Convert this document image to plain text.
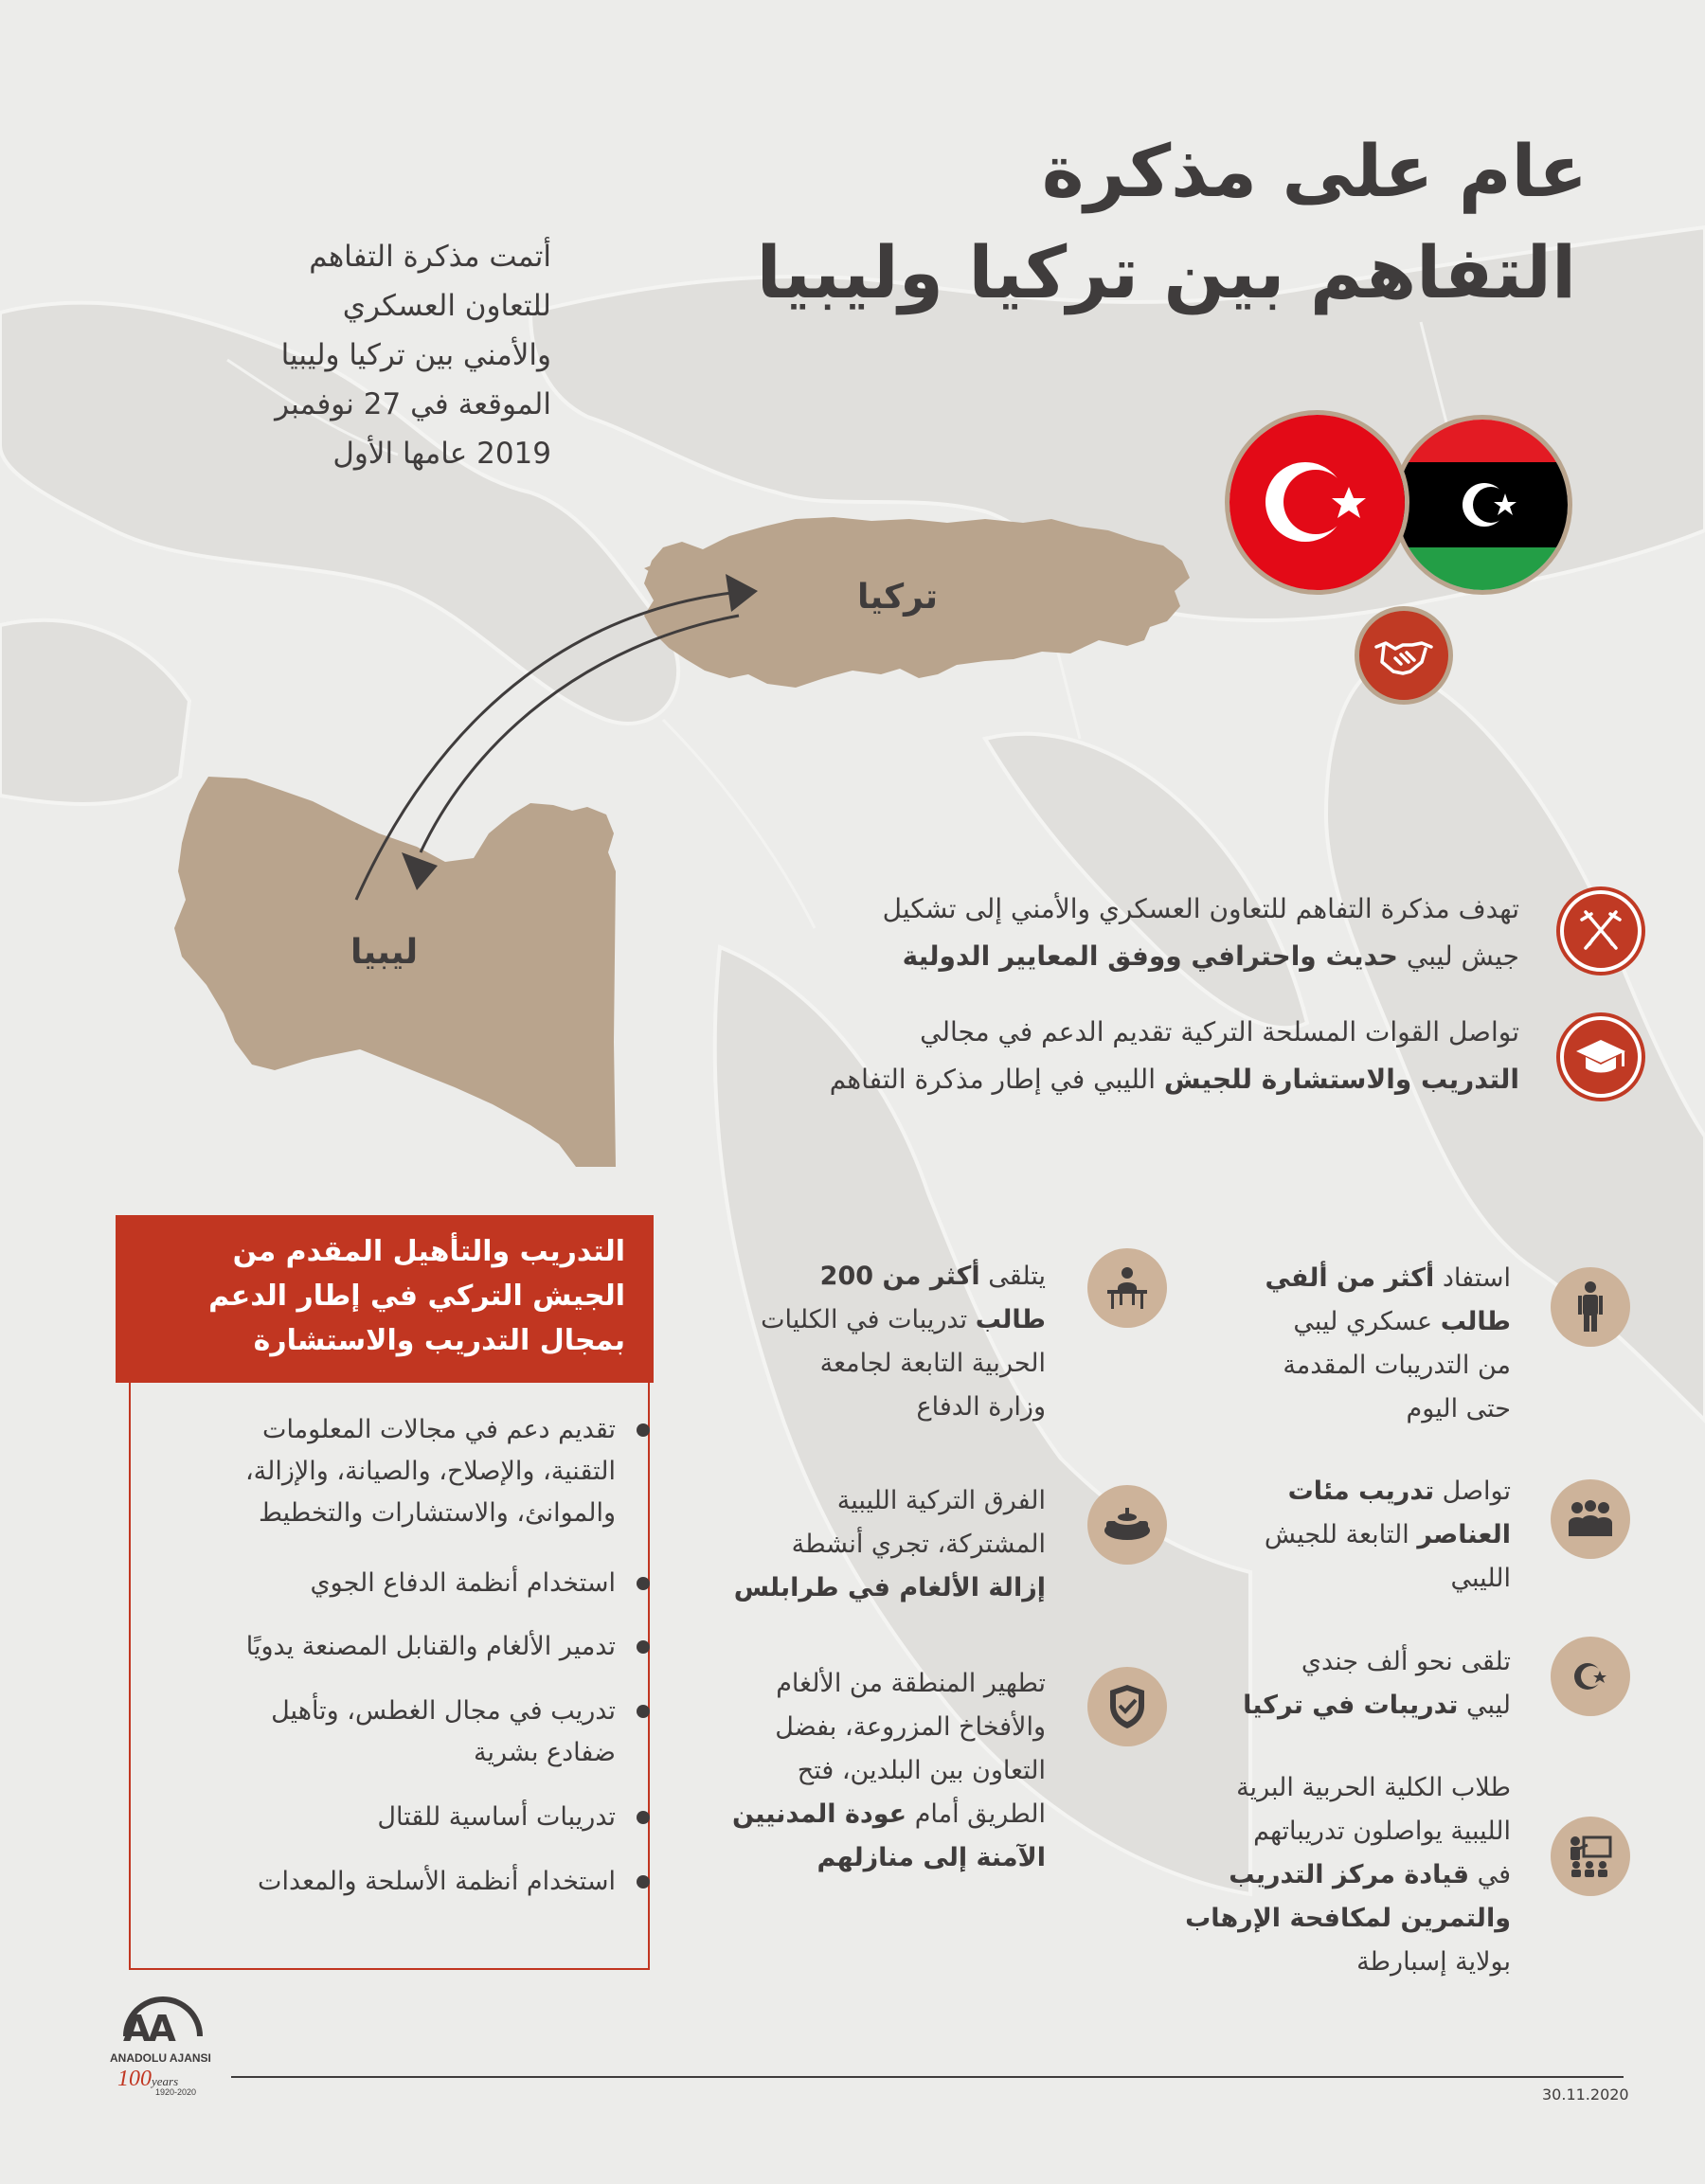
عام على مذكرة
التفاهم بين تركيا وليبيا
أتمت مذكرة التفاهم
للتعاون العسكري
والأمني بين تركيا وليبيا
الموقعة في 27 نوفمبر
2019 عامها الأول
تركيا
ليبيا
تهدف مذكرة التفاهم للتعاون العسكري والأمني إلى تشكيل
جيش ليبي حديث واحترافي ووفق المعايير الدولية
تواصل القوات المسلحة التركية تقديم الدعم في مجالي
التدريب والاستشارة للجيش الليبي في إطار مذكرة التفاهم
التدريب والتأهيل المقدم من
الجيش التركي في إطار الدعم
بمجال التدريب والاستشارة
تقديم دعم في مجالات المعلومات
التقنية، والإصلاح، والصيانة، والإزالة،
والموانئ، والاستشارات والتخطيط
استخدام أنظمة الدفاع الجوي
تدمير الألغام والقنابل المصنعة يدويًا
تدريب في مجال الغطس، وتأهيل
ضفادع بشرية
تدريبات أساسية للقتال
استخدام أنظمة الأسلحة والمعدات
يتلقى أكثر من 200
طالب تدريبات في الكليات
الحربية التابعة لجامعة
وزارة الدفاع
الفرق التركية الليبية
المشتركة، تجري أنشطة
إزالة الألغام في طرابلس
تطهير المنطقة من الألغام
والأفخاخ المزروعة، بفضل
التعاون بين البلدين، فتح
الطريق أمام عودة المدنيين
الآمنة إلى منازلهم
استفاد أكثر من ألفي
طالب عسكري ليبي
من التدريبات المقدمة
حتى اليوم
تواصل تدريب مئات
العناصر التابعة للجيش
الليبي
تلقى نحو ألف جندي
ليبي تدريبات في تركيا
طلاب الكلية الحربية البرية
الليبية يواصلون تدريباتهم
في قيادة مركز التدريب
والتمرين لمكافحة الإرهاب
بولاية إسبارطة
AA
ANADOLU AJANSI
100years
1920-2020	30.11.2020
